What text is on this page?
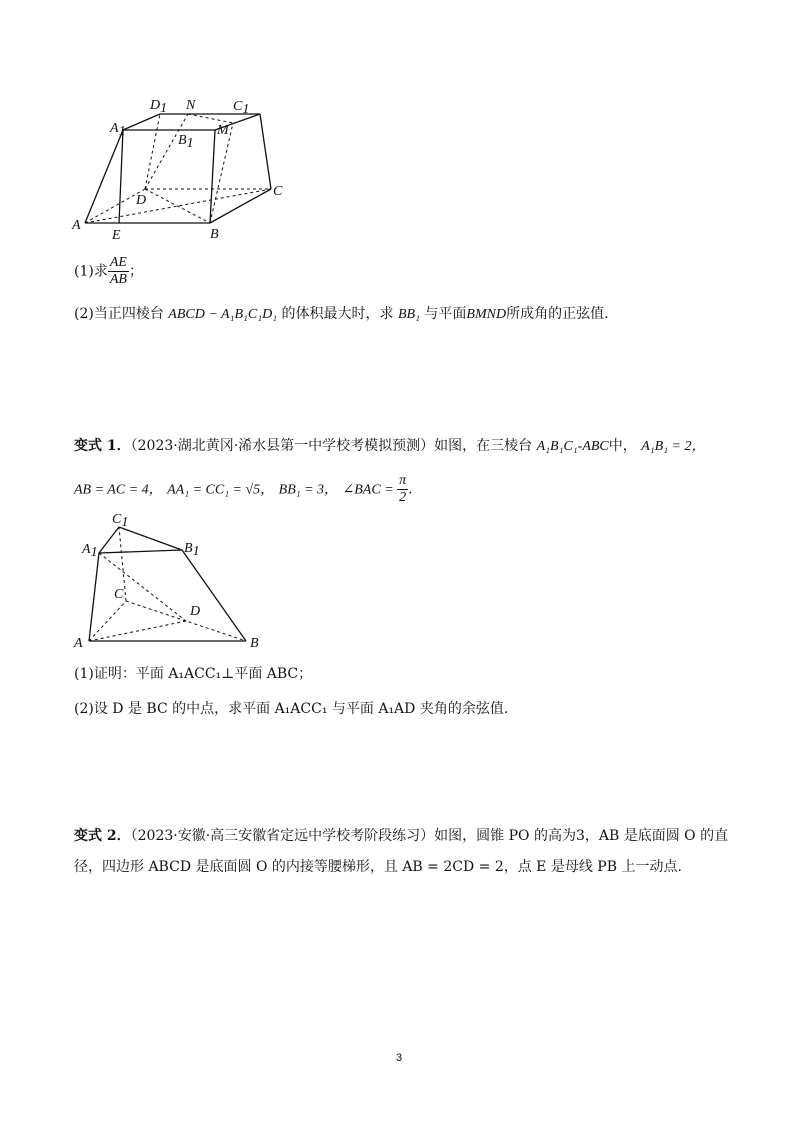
A1
D1 N	C1
M
B1
D
C
A
E	B
(1)求 $\frac{AE}{AB}$ ；
(2)当正四棱台 ABCD − A₁B₁C₁D₁ 的体积最大时，求 BB₁ 与平面BMND所成角的正弦值.
变式 1．（2023·湖北黄冈·浠水县第一中学校考模拟预测）如图，在三棱台 A₁B₁C₁-ABC中， A₁B₁ = 2，
AB = AC = 4， AA₁ = CC₁ = √5， BB₁ = 3， ∠BAC = $\frac{\pi}{2}$ .
C1
A1	B1
C
D
A	B
(1)证明：平面 A₁ACC₁⊥平面 ABC；
(2)设 D 是 BC 的中点，求平面 A₁ACC₁ 与平面 A₁AD 夹角的余弦值.
变式 2．（2023·安徽·高三安徽省定远中学校考阶段练习）如图，圆锥 PO 的高为3，AB 是底面圆 O 的直
径，四边形 ABCD 是底面圆 O 的内接等腰梯形，且 AB = 2CD = 2，点 E 是母线 PB 上一动点.
3
